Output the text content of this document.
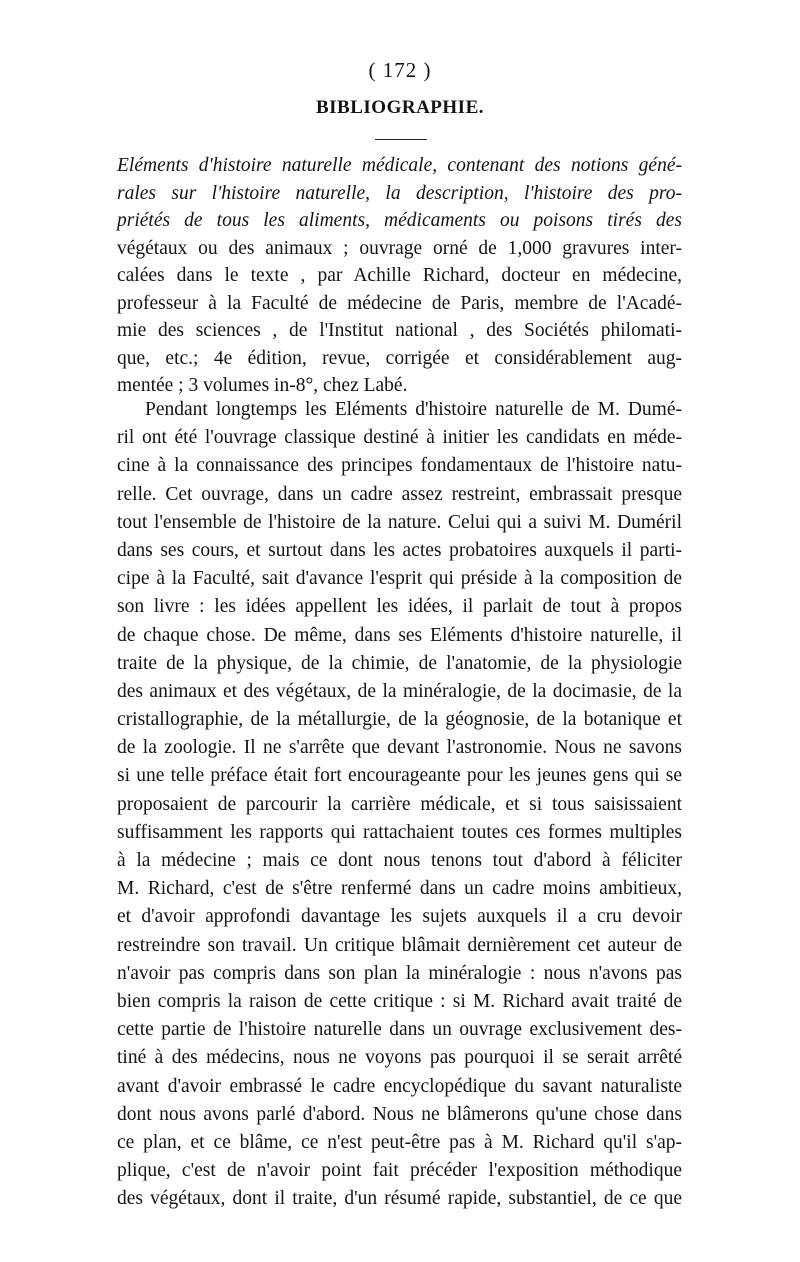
( 172 )
BIBLIOGRAPHIE.
Eléments d'histoire naturelle médicale, contenant des notions géné-
rales sur l'histoire naturelle, la description, l'histoire des pro-
priétés de tous les aliments, médicaments ou poisons tirés des
végétaux ou des animaux ; ouvrage orné de 1,000 gravures inter-
calées dans le texte , par Achille Richard, docteur en médecine,
professeur à la Faculté de médecine de Paris, membre de l'Acadé-
mie des sciences , de l'Institut national , des Sociétés philomati-
que, etc.; 4e édition, revue, corrigée et considérablement aug-
mentée ; 3 volumes in-8°, chez Labé.
Pendant longtemps les Eléments d'histoire naturelle de M. Dumé-
ril ont été l'ouvrage classique destiné à initier les candidats en méde-
cine à la connaissance des principes fondamentaux de l'histoire natu-
relle. Cet ouvrage, dans un cadre assez restreint, embrassait presque
tout l'ensemble de l'histoire de la nature. Celui qui a suivi M. Duméril
dans ses cours, et surtout dans les actes probatoires auxquels il parti-
cipe à la Faculté, sait d'avance l'esprit qui préside à la composition de
son livre : les idées appellent les idées, il parlait de tout à propos
de chaque chose. De même, dans ses Eléments d'histoire naturelle, il
traite de la physique, de la chimie, de l'anatomie, de la physiologie
des animaux et des végétaux, de la minéralogie, de la docimasie, de la
cristallographie, de la métallurgie, de la géognosie, de la botanique et
de la zoologie. Il ne s'arrête que devant l'astronomie. Nous ne savons
si une telle préface était fort encourageante pour les jeunes gens qui se
proposaient de parcourir la carrière médicale, et si tous saisissaient
suffisamment les rapports qui rattachaient toutes ces formes multiples
à la médecine ; mais ce dont nous tenons tout d'abord à féliciter
M. Richard, c'est de s'être renfermé dans un cadre moins ambitieux,
et d'avoir approfondi davantage les sujets auxquels il a cru devoir
restreindre son travail. Un critique blâmait dernièrement cet auteur de
n'avoir pas compris dans son plan la minéralogie : nous n'avons pas
bien compris la raison de cette critique : si M. Richard avait traité de
cette partie de l'histoire naturelle dans un ouvrage exclusivement des-
tiné à des médecins, nous ne voyons pas pourquoi il se serait arrêté
avant d'avoir embrassé le cadre encyclopédique du savant naturaliste
dont nous avons parlé d'abord. Nous ne blâmerons qu'une chose dans
ce plan, et ce blâme, ce n'est peut-être pas à M. Richard qu'il s'ap-
plique, c'est de n'avoir point fait précéder l'exposition méthodique
des végétaux, dont il traite, d'un résumé rapide, substantiel, de ce que
